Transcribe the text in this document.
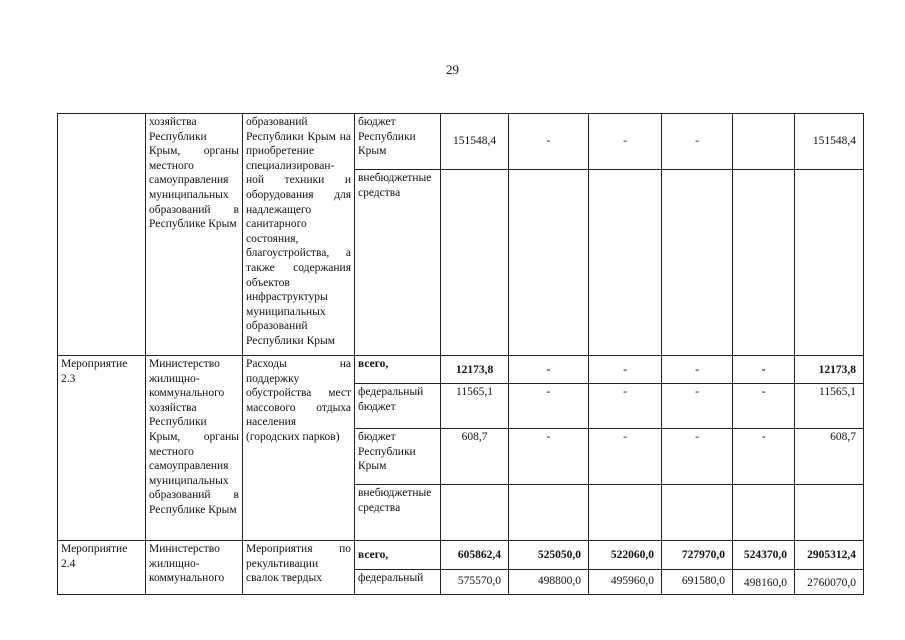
29
	хозяйства Республики Крым, органы местного самоуправления муниципальных образований в Республике Крым	образований Республики Крым на приобретение специализирован-ной техники и оборудования для надлежащего санитарного состояния, благоустройства, а также содержания объектов инфраструктуры муниципальных образований Республики Крым	бюджет Республики Крым	151548,4	-	-	-		151548,4
			внебюджетные средства						
Мероприятие 2.3	Министерство жилищно-коммунального хозяйства Республики Крым, органы местного самоуправления муниципальных образований в Республике Крым	Расходы на поддержку обустройства мест массового отдыха населения (городских парков)	всего,	12173,8	-	-	-	-	12173,8
			федеральный бюджет	11565,1	-	-	-	-	11565,1
			бюджет Республики Крым	608,7	-	-	-	-	608,7
			внебюджетные средства						
Мероприятие 2.4	Министерство жилищно-коммунального	Мероприятия по рекультивации свалок твердых	всего,	605862,4	525050,0	522060,0	727970,0	524370,0	2905312,4
			федеральный	575570,0	498800,0	495960,0	691580,0	498160,0	2760070,0
